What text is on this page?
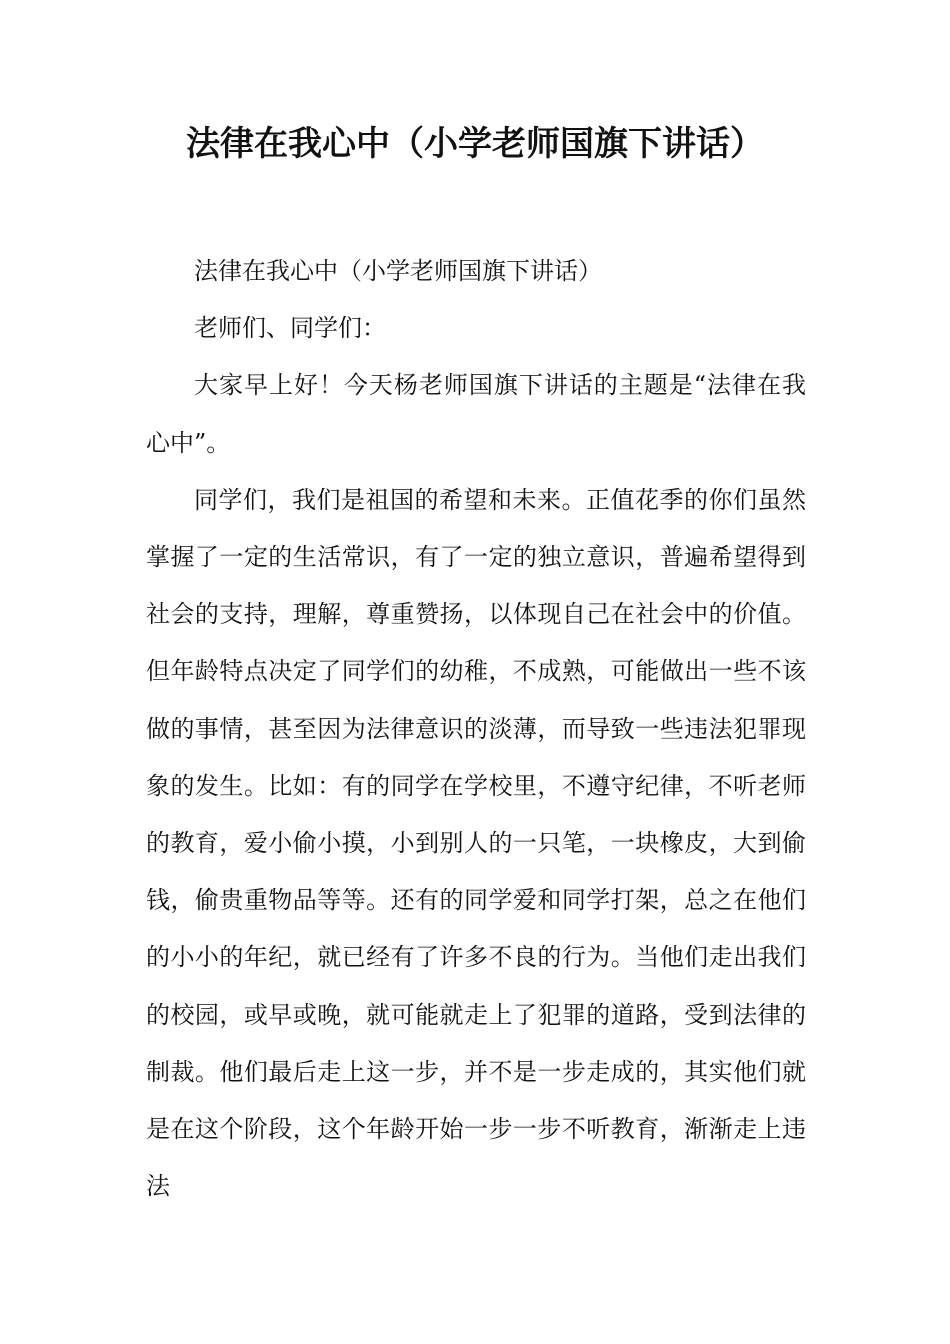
法律在我心中（小学老师国旗下讲话）

法律在我心中（小学老师国旗下讲话）

老师们、同学们：

大家早上好！今天杨老师国旗下讲话的主题是“法律在我心中”。

同学们，我们是祖国的希望和未来。正值花季的你们虽然掌握了一定的生活常识，有了一定的独立意识，普遍希望得到社会的支持，理解，尊重赞扬，以体现自己在社会中的价值。但年龄特点决定了同学们的幼稚，不成熟，可能做出一些不该做的事情，甚至因为法律意识的淡薄，而导致一些违法犯罪现象的发生。比如：有的同学在学校里，不遵守纪律，不听老师的教育，爱小偷小摸，小到别人的一只笔，一块橡皮，大到偷钱，偷贵重物品等等。还有的同学爱和同学打架，总之在他们的小小的年纪，就已经有了许多不良的行为。当他们走出我们的校园，或早或晚，就可能就走上了犯罪的道路，受到法律的制裁。他们最后走上这一步，并不是一步走成的，其实他们就是在这个阶段，这个年龄开始一步一步不听教育，渐渐走上违法
